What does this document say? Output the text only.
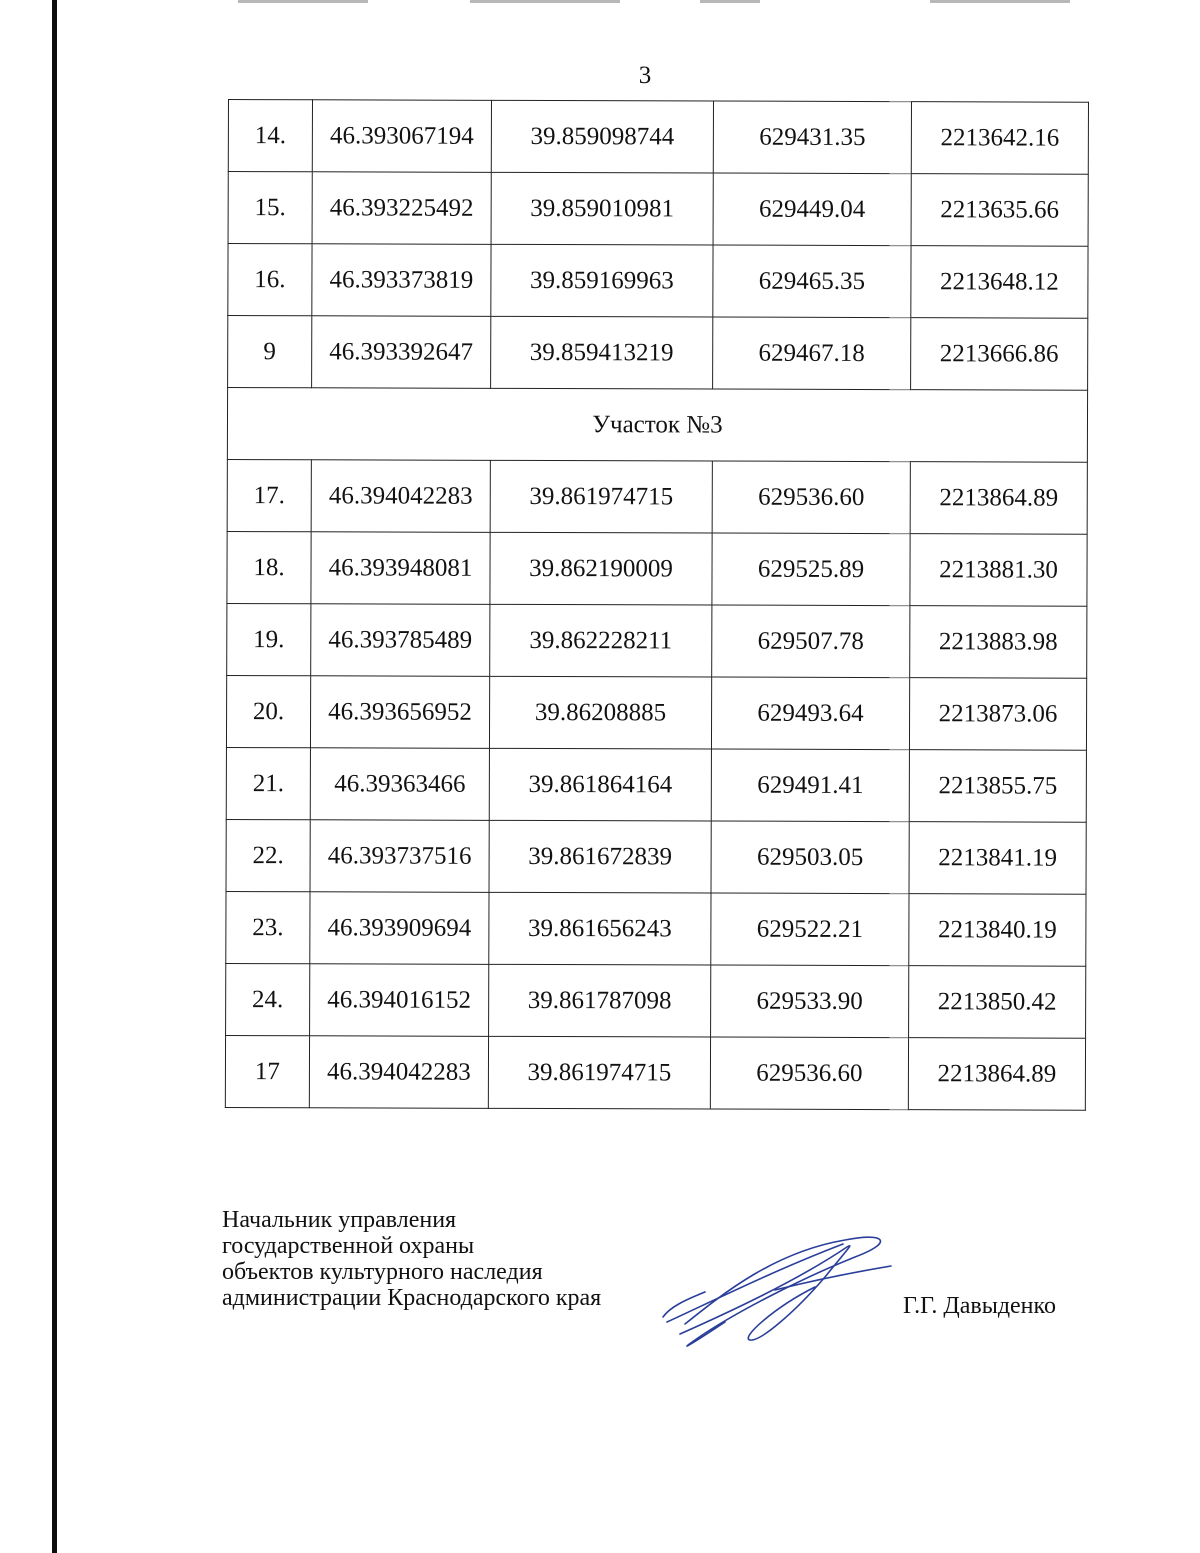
3
14.	46.393067194	39.859098744	629431.35	2213642.16
15.	46.393225492	39.859010981	629449.04	2213635.66
16.	46.393373819	39.859169963	629465.35	2213648.12
9	46.393392647	39.859413219	629467.18	2213666.86
Участок №3				
17.	46.394042283	39.861974715	629536.60	2213864.89
18.	46.393948081	39.862190009	629525.89	2213881.30
19.	46.393785489	39.862228211	629507.78	2213883.98
20.	46.393656952	39.86208885	629493.64	2213873.06
21.	46.39363466	39.861864164	629491.41	2213855.75
22.	46.393737516	39.861672839	629503.05	2213841.19
23.	46.393909694	39.861656243	629522.21	2213840.19
24.	46.394016152	39.861787098	629533.90	2213850.42
17	46.394042283	39.861974715	629536.60	2213864.89
Начальник управления
государственной охраны
объектов культурного наследия
администрации Краснодарского края	Г.Г. Давыденко
